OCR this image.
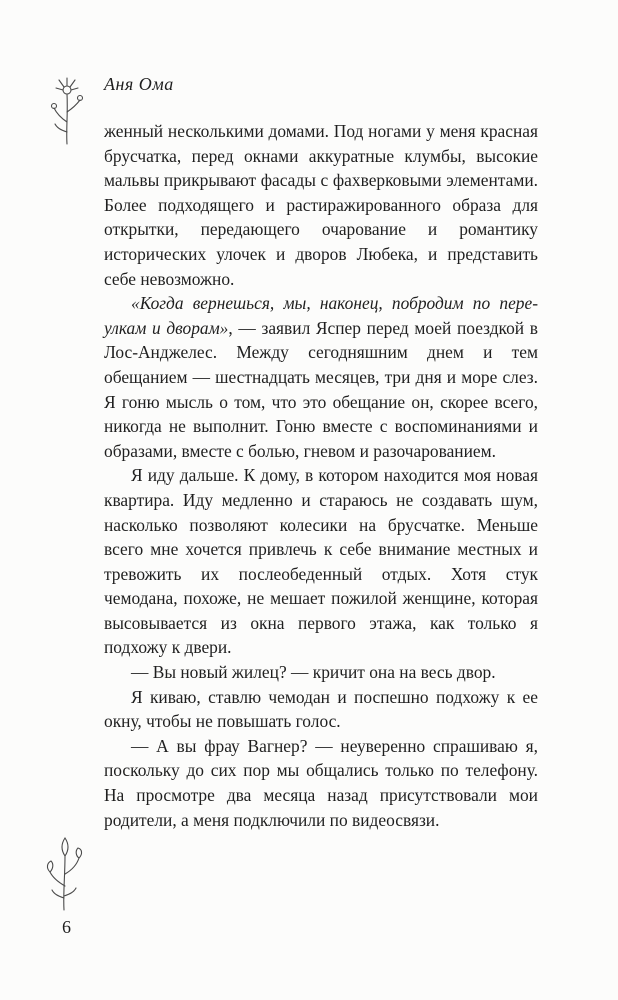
Аня Ома

женный несколькими домами. Под ногами у меня красная брусчатка, перед окнами аккуратные клумбы, высокие мальвы прикрывают фасады с фахверковыми элементами. Более подходящего и растиражированного образа для открытки, передающего очарование и романтику исторических улочек и дворов Любека, и представить себе невозможно.

«Когда вернешься, мы, наконец, побродим по переулкам и дворам», — заявил Яспер перед моей поездкой в Лос-Анджелес. Между сегодняшним днем и тем обещанием — шестнадцать месяцев, три дня и море слез. Я гоню мысль о том, что это обещание он, скорее всего, никогда не выполнит. Гоню вместе с воспоминаниями и образами, вместе с болью, гневом и разочарованием.

Я иду дальше. К дому, в котором находится моя новая квартира. Иду медленно и стараюсь не создавать шум, насколько позволяют колесики на брусчатке. Меньше всего мне хочется привлечь к себе внимание местных и тревожить их послеобеденный отдых. Хотя стук чемодана, похоже, не мешает пожилой женщине, которая высовывается из окна первого этажа, как только я подхожу к двери.

— Вы новый жилец? — кричит она на весь двор.

Я киваю, ставлю чемодан и поспешно подхожу к ее окну, чтобы не повышать голос.

— А вы фрау Вагнер? — неуверенно спрашиваю я, поскольку до сих пор мы общались только по телефону. На просмотре два месяца назад присутствовали мои родители, а меня подключили по видеосвязи.

6
